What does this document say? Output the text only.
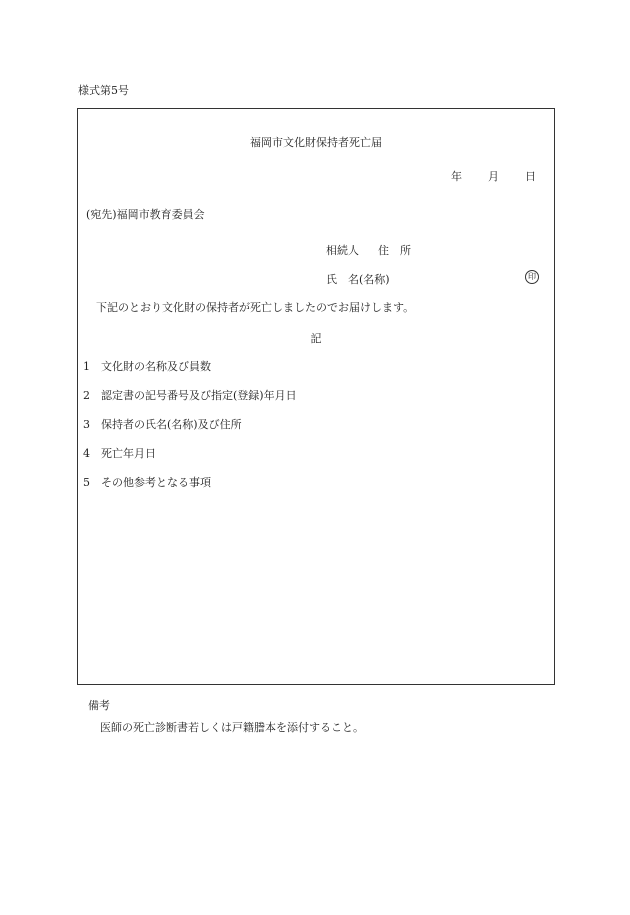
様式第5号
福岡市文化財保持者死亡届
年 月 日
(宛先)福岡市教育委員会
相続人 住　所
氏　名(名称)	印
下記のとおり文化財の保持者が死亡しましたのでお届けします。
記
1 文化財の名称及び員数
2 認定書の記号番号及び指定(登録)年月日
3 保持者の氏名(名称)及び住所
4 死亡年月日
5 その他参考となる事項
備考
医師の死亡診断書若しくは戸籍謄本を添付すること。
